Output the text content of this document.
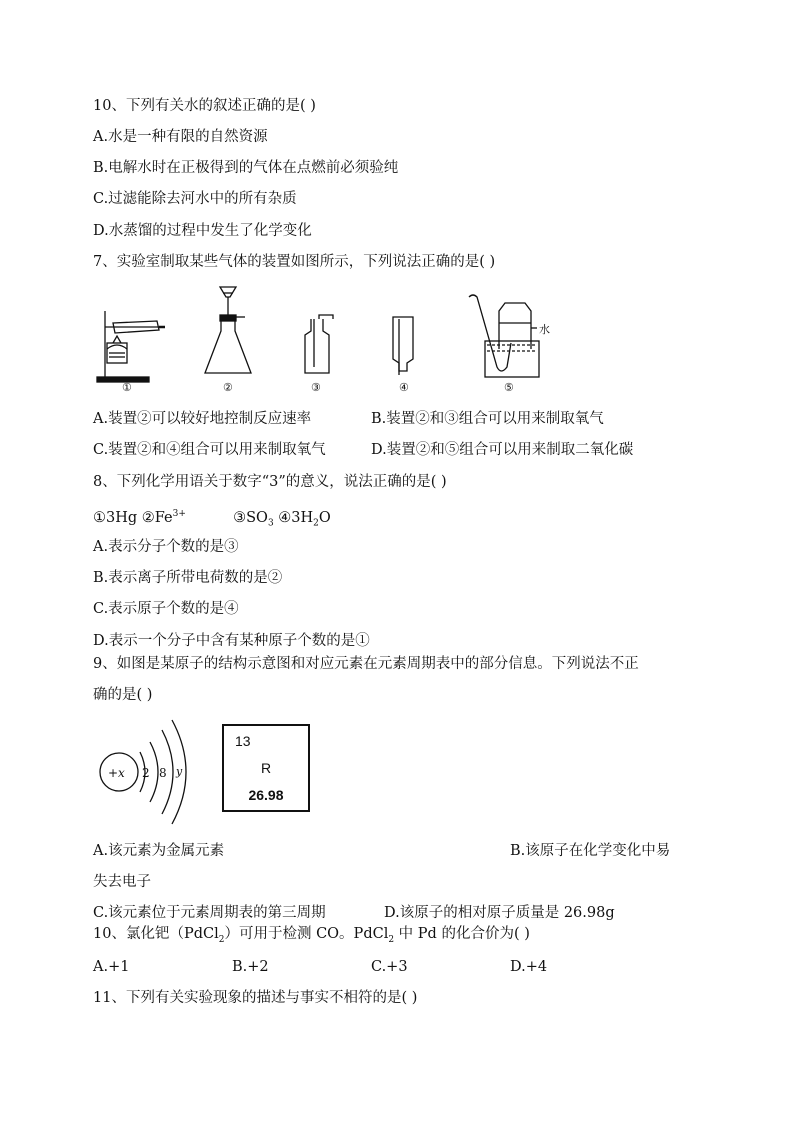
10、下列有关水的叙述正确的是( )
A.水是一种有限的自然资源
B.电解水时在正极得到的气体在点燃前必须验纯
C.过滤能除去河水中的所有杂质
D.水蒸馏的过程中发生了化学变化
7、实验室制取某些气体的装置如图所示，下列说法正确的是( )
①	②	③	④
水
⑤
A.装置②可以较好地控制反应速率	B.装置②和③组合可以用来制取氧气
C.装置②和④组合可以用来制取氧气	D.装置②和⑤组合可以用来制取二氧化碳
8、下列化学用语关于数字“3”的意义，说法正确的是( )
①3Hg $②Fe^{3+}$	$③SO_3$ $④3H_2O$
A.表示分子个数的是③
B.表示离子所带电荷数的是②
C.表示原子个数的是④
D.表示一个分子中含有某种原子个数的是①
9、如图是某原子的结构示意图和对应元素在元素周期表中的部分信息。下列说法不正
确的是( )
+x 2 8 y
13
R
26.98
A.该元素为金属元素	B.该原子在化学变化中易
失去电子
C.该元素位于元素周期表的第三周期	D.该原子的相对原子质量是 26.98g
10、氯化钯（PdCl$_2$）可用于检测 CO。PdCl$_2$ 中 Pd 的化合价为( )
A.+1	B.+2	C.+3	D.+4
11、下列有关实验现象的描述与事实不相符的是( )
